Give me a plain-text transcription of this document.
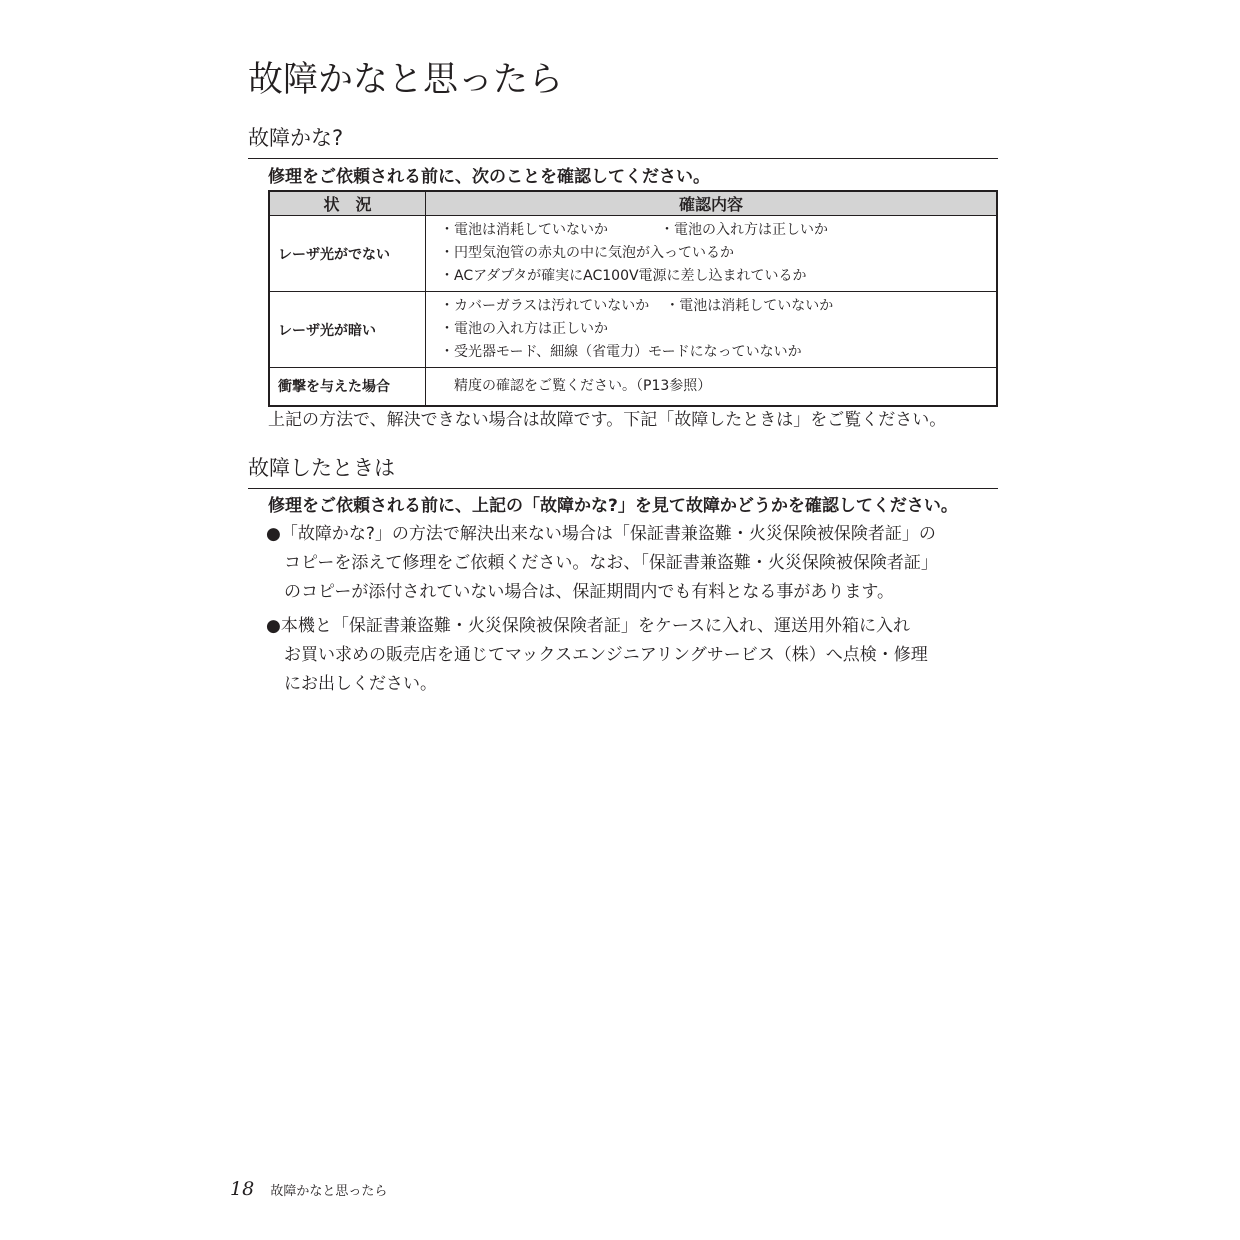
故障かなと思ったら
故障かな?
修理をご依頼される前に、次のことを確認してください。
状　況	確認内容
レーザ光がでない	・電池は消耗していないか ・電池の入れ方は正しいか
・円型気泡管の赤丸の中に気泡が入っているか
・ACアダプタが確実にAC100V電源に差し込まれているか

レーザ光が暗い	・カバーガラスは汚れていないか ・電池は消耗していないか
・電池の入れ方は正しいか
・受光器モード、細線（省電力）モードになっていないか

衝撃を与えた場合	精度の確認をご覧ください。（P13参照）
上記の方法で、解決できない場合は故障です。下記「故障したときは」をご覧ください。
故障したときは
修理をご依頼される前に、上記の「故障かな?」を見て故障かどうかを確認してください。
●「故障かな?」の方法で解決出来ない場合は「保証書兼盗難・火災保険被保険者証」の
コピーを添えて修理をご依頼ください。なお、「保証書兼盗難・火災保険被保険者証」
のコピーが添付されていない場合は、保証期間内でも有料となる事があります。
●本機と「保証書兼盗難・火災保険被保険者証」をケースに入れ、運送用外箱に入れ
お買い求めの販売店を通じてマックスエンジニアリングサービス（株）へ点検・修理
にお出しください。
18 故障かなと思ったら
